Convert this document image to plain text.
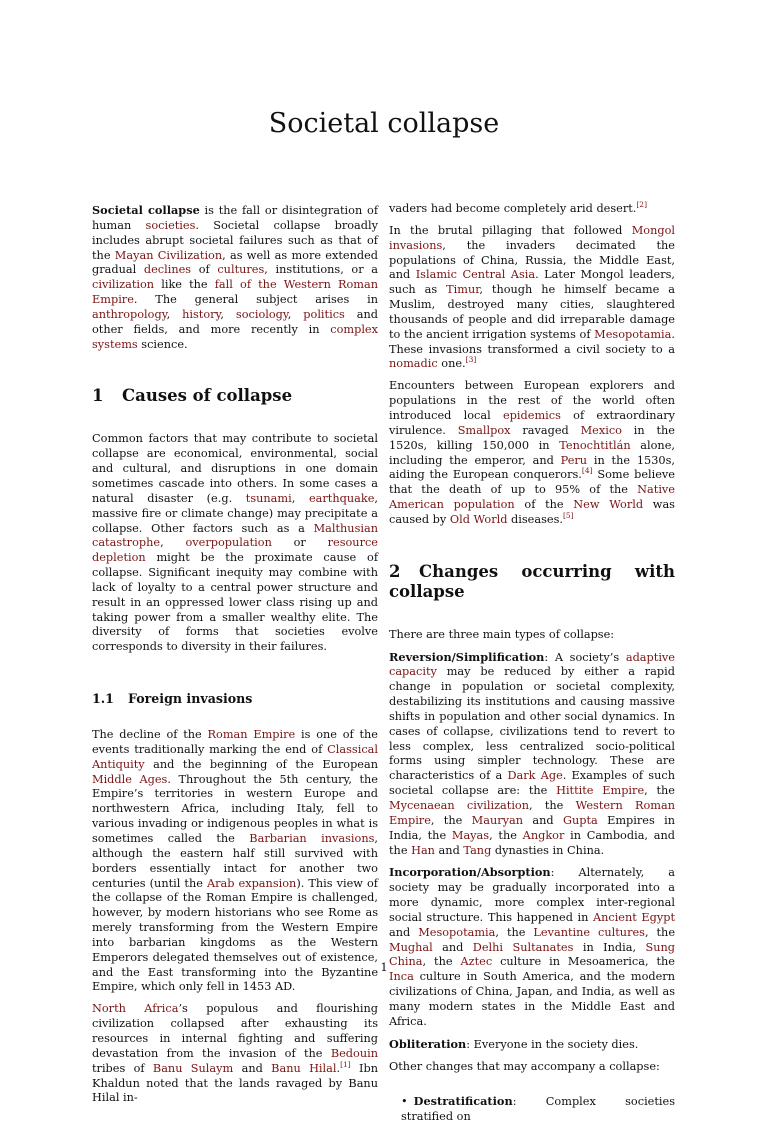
Societal collapse

Societal collapse is the fall or disintegration of human societies. Societal collapse broadly includes abrupt societal failures such as that of the Mayan Civilization, as well as more extended gradual declines of cultures, institutions, or a civilization like the fall of the Western Roman Empire. The general subject arises in anthropology, history, sociology, politics and other fields, and more recently in complex systems science.

1 Causes of collapse

Common factors that may contribute to societal collapse are economical, environmental, social and cultural, and disruptions in one domain sometimes cascade into others. In some cases a natural disaster (e.g. tsunami, earthquake, massive fire or climate change) may precipitate a collapse. Other factors such as a Malthusian catastrophe, overpopulation or resource depletion might be the proximate cause of collapse. Significant inequity may combine with lack of loyalty to a central power structure and result in an oppressed lower class rising up and taking power from a smaller wealthy elite. The diversity of forms that societies evolve corresponds to diversity in their failures.

1.1 Foreign invasions

The decline of the Roman Empire is one of the events traditionally marking the end of Classical Antiquity and the beginning of the European Middle Ages. Throughout the 5th century, the Empire’s territories in western Europe and northwestern Africa, including Italy, fell to various invading or indigenous peoples in what is sometimes called the Barbarian invasions, although the eastern half still survived with borders essentially intact for another two centuries (until the Arab expansion). This view of the collapse of the Roman Empire is challenged, however, by modern historians who see Rome as merely transforming from the Western Empire into barbarian kingdoms as the Western Emperors delegated themselves out of existence, and the East transforming into the Byzantine Empire, which only fell in 1453 AD.

North Africa’s populous and flourishing civilization collapsed after exhausting its resources in internal fighting and suffering devastation from the invasion of the Bedouin tribes of Banu Sulaym and Banu Hilal.[1] Ibn Khaldun noted that the lands ravaged by Banu Hilal in-

vaders had become completely arid desert.[2]

In the brutal pillaging that followed Mongol invasions, the invaders decimated the populations of China, Russia, the Middle East, and Islamic Central Asia. Later Mongol leaders, such as Timur, though he himself became a Muslim, destroyed many cities, slaughtered thousands of people and did irreparable damage to the ancient irrigation systems of Mesopotamia. These invasions transformed a civil society to a nomadic one.[3]

Encounters between European explorers and populations in the rest of the world often introduced local epidemics of extraordinary virulence. Smallpox ravaged Mexico in the 1520s, killing 150,000 in Tenochtitlán alone, including the emperor, and Peru in the 1530s, aiding the European conquerors.[4] Some believe that the death of up to 95% of the Native American population of the New World was caused by Old World diseases.[5]

2 Changes occurring with collapse

There are three main types of collapse:

Reversion/Simplification: A society’s adaptive capacity may be reduced by either a rapid change in population or societal complexity, destabilizing its institutions and causing massive shifts in population and other social dynamics. In cases of collapse, civilizations tend to revert to less complex, less centralized socio-political forms using simpler technology. These are characteristics of a Dark Age. Examples of such societal collapse are: the Hittite Empire, the Mycenaean civilization, the Western Roman Empire, the Mauryan and Gupta Empires in India, the Mayas, the Angkor in Cambodia, and the Han and Tang dynasties in China.

Incorporation/Absorption: Alternately, a society may be gradually incorporated into a more dynamic, more complex inter-regional social structure. This happened in Ancient Egypt and Mesopotamia, the Levantine cultures, the Mughal and Delhi Sultanates in India, Sung China, the Aztec culture in Mesoamerica, the Inca culture in South America, and the modern civilizations of China, Japan, and India, as well as many modern states in the Middle East and Africa.

Obliteration: Everyone in the society dies.

Other changes that may accompany a collapse:

• Destratification: Complex societies stratified on
1
